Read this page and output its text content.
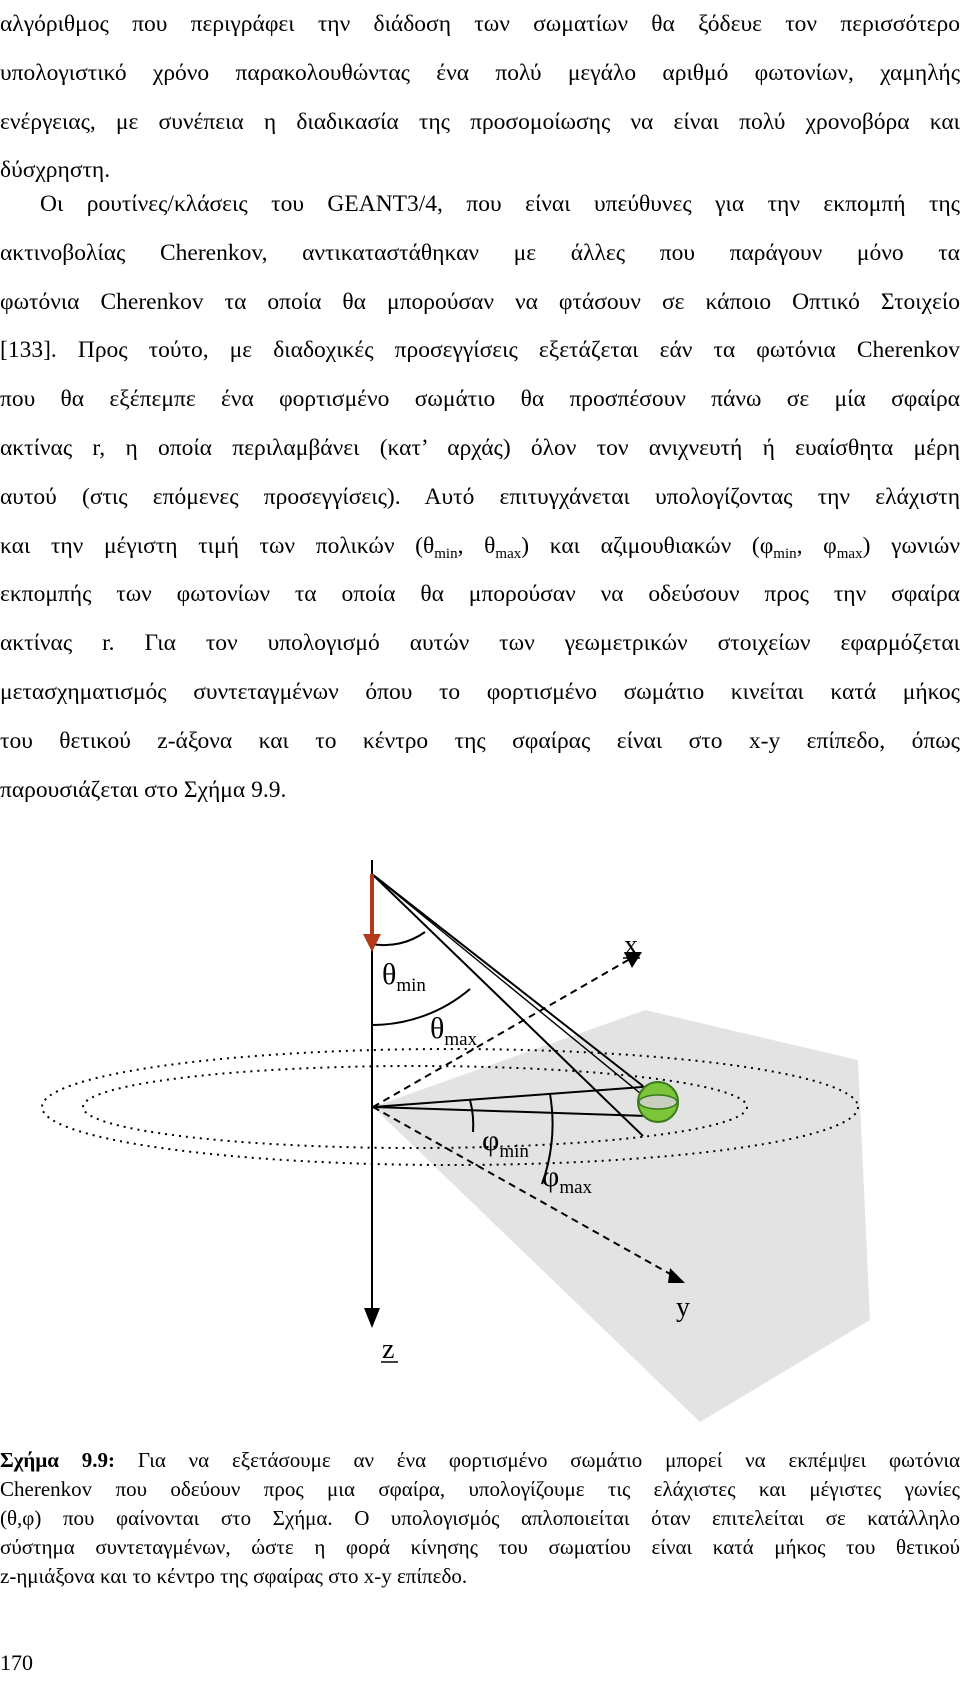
αλγόριθμος που περιγράφει την διάδοση των σωματίων θα ξόδευε τον περισσότερο
υπολογιστικό χρόνο παρακολουθώντας ένα πολύ μεγάλο αριθμό φωτονίων, χαμηλής
ενέργειας, με συνέπεια η διαδικασία της προσομοίωσης να είναι πολύ χρονοβόρα και
δύσχρηστη.
Οι ρουτίνες/κλάσεις του GEANT3/4, που είναι υπεύθυνες για την εκπομπή της
ακτινοβολίας Cherenkov, αντικαταστάθηκαν με άλλες που παράγουν μόνο τα
φωτόνια Cherenkov τα οποία θα μπορούσαν να φτάσουν σε κάποιο Οπτικό Στοιχείο
[133]. Προς τούτο, με διαδοχικές προσεγγίσεις εξετάζεται εάν τα φωτόνια Cherenkov
που θα εξέπεμπε ένα φορτισμένο σωμάτιο θα προσπέσουν πάνω σε μία σφαίρα
ακτίνας r, η οποία περιλαμβάνει (κατ’ αρχάς) όλον τον ανιχνευτή ή ευαίσθητα μέρη
αυτού (στις επόμενες προσεγγίσεις). Αυτό επιτυγχάνεται υπολογίζοντας την ελάχιστη
και την μέγιστη τιμή των πολικών ($\theta_{min}$, $\theta_{max}$) και αζιμουθιακών ($\varphi_{min}$, $\varphi_{max}$) γωνιών
εκπομπής των φωτονίων τα οποία θα μπορούσαν να οδεύσουν προς την σφαίρα
ακτίνας r. Για τον υπολογισμό αυτών των γεωμετρικών στοιχείων εφαρμόζεται
μετασχηματισμός συντεταγμένων όπου το φορτισμένο σωμάτιο κινείται κατά μήκος
του θετικού z-άξονα και το κέντρο της σφαίρας είναι στο x-y επίπεδο, όπως
παρουσιάζεται στο Σχήμα 9.9.
$\theta_{min}$
$\theta_{max}$
$\varphi_{min}$
$\varphi_{max}$
x
y
z
Σχήμα 9.9: Για να εξετάσουμε αν ένα φορτισμένο σωμάτιο μπορεί να εκπέμψει φωτόνια
Cherenkov που οδεύουν προς μια σφαίρα, υπολογίζουμε τις ελάχιστες και μέγιστες γωνίες
(θ,φ) που φαίνονται στο Σχήμα. Ο υπολογισμός απλοποιείται όταν επιτελείται σε κατάλληλο
σύστημα συντεταγμένων, ώστε η φορά κίνησης του σωματίου είναι κατά μήκος του θετικού
z-ημιάξονα και το κέντρο της σφαίρας στο x-y επίπεδο.
170
